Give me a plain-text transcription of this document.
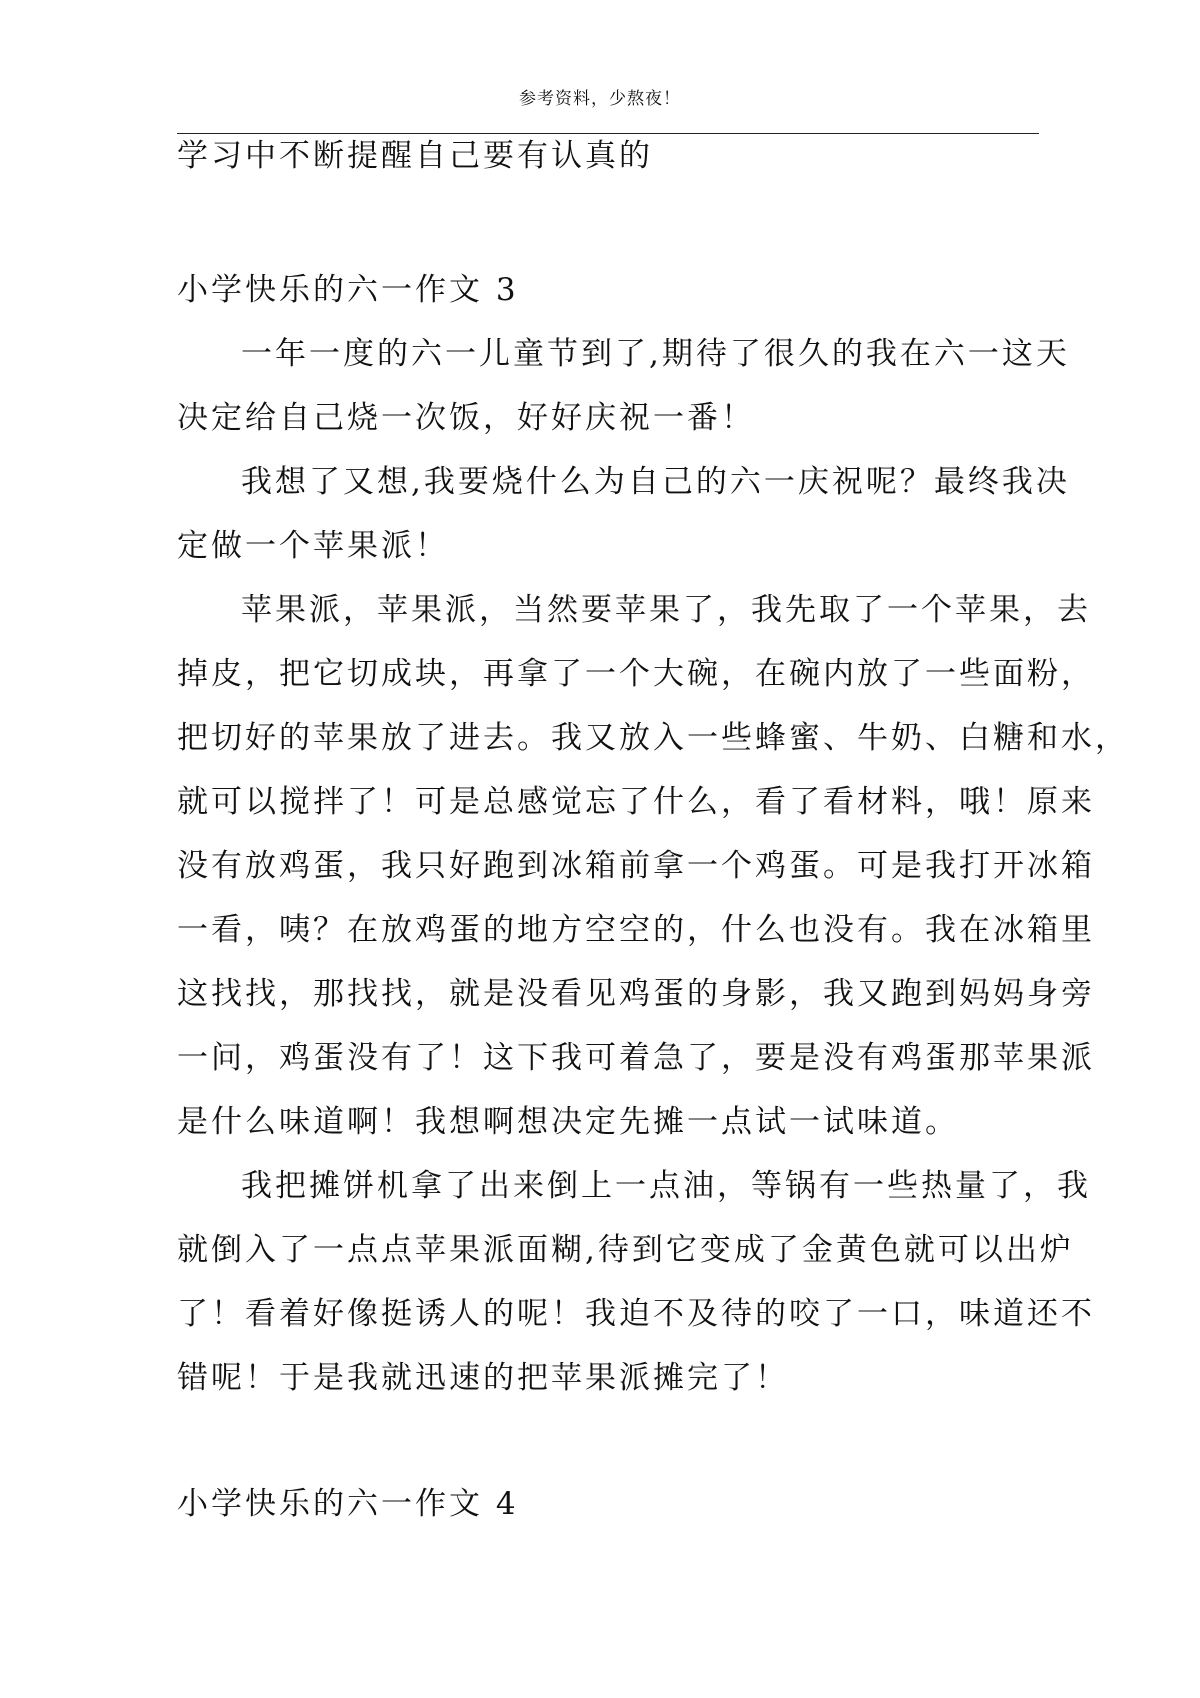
参考资料，少熬夜！
学习中不断提醒自己要有认真的
小学快乐的六一作文 3
一年一度的六一儿童节到了,期待了很久的我在六一这天
决定给自己烧一次饭，好好庆祝一番！
我想了又想,我要烧什么为自己的六一庆祝呢？最终我决
定做一个苹果派！
苹果派，苹果派，当然要苹果了，我先取了一个苹果，去
掉皮，把它切成块，再拿了一个大碗，在碗内放了一些面粉，
把切好的苹果放了进去。我又放入一些蜂蜜、牛奶、白糖和水，
就可以搅拌了！可是总感觉忘了什么，看了看材料，哦！原来
没有放鸡蛋，我只好跑到冰箱前拿一个鸡蛋。可是我打开冰箱
一看，咦？在放鸡蛋的地方空空的，什么也没有。我在冰箱里
这找找，那找找，就是没看见鸡蛋的身影，我又跑到妈妈身旁
一问，鸡蛋没有了！这下我可着急了，要是没有鸡蛋那苹果派
是什么味道啊！我想啊想决定先摊一点试一试味道。
我把摊饼机拿了出来倒上一点油，等锅有一些热量了，我
就倒入了一点点苹果派面糊,待到它变成了金黄色就可以出炉
了！看着好像挺诱人的呢！我迫不及待的咬了一口，味道还不
错呢！于是我就迅速的把苹果派摊完了！
小学快乐的六一作文 4
